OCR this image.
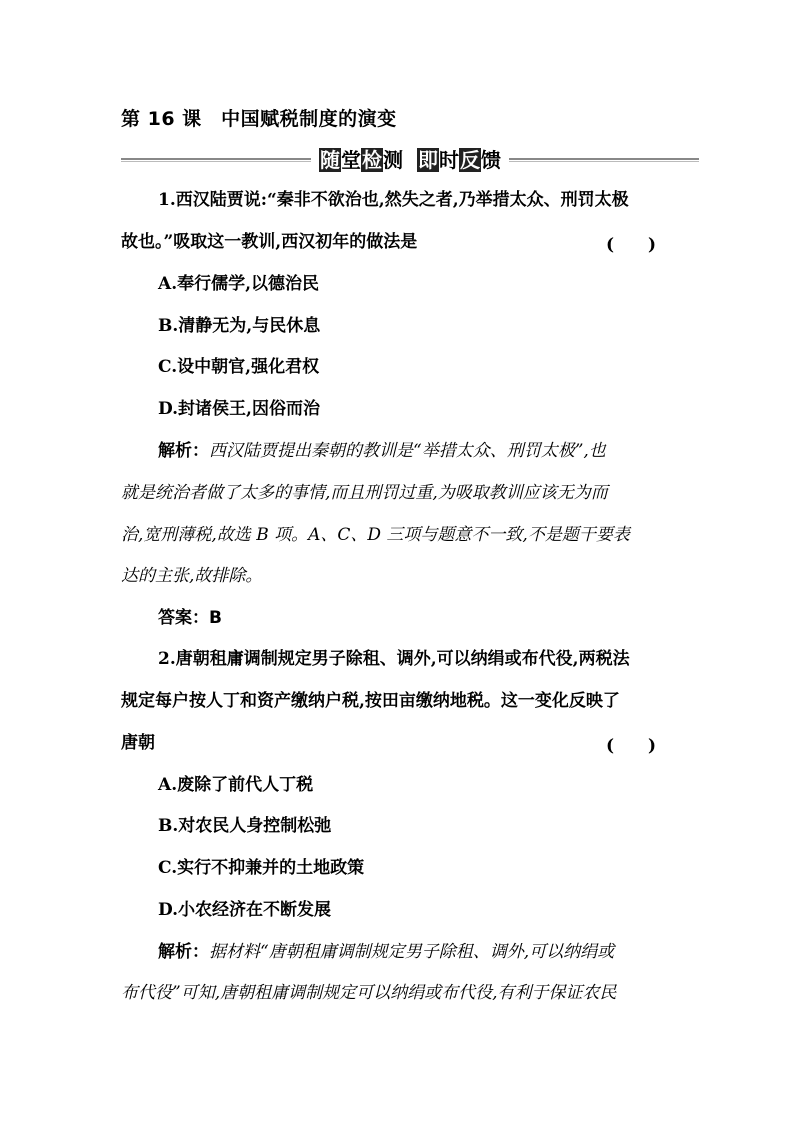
第 16 课　中国赋税制度的演变
随 堂 检 测 即 时 反 馈
1.西汉陆贾说:“秦非不欲治也,然失之者,乃举措太众、刑罚太极
故也。”吸取这一教训,西汉初年的做法是	(　　)
A.奉行儒学,以德治民
B.清静无为,与民休息
C.设中朝官,强化君权
D.封诸侯王,因俗而治
解析：西汉陆贾提出秦朝的教训是“举措太众、刑罚太极”,也
就是统治者做了太多的事情,而且刑罚过重,为吸取教训应该无为而
治,宽刑薄税,故选 B 项。A、C、D 三项与题意不一致,不是题干要表
达的主张,故排除。
答案：B
2.唐朝租庸调制规定男子除租、调外,可以纳绢或布代役,两税法
规定每户按人丁和资产缴纳户税,按田亩缴纳地税。这一变化反映了
唐朝	(　　)
A.废除了前代人丁税
B.对农民人身控制松弛
C.实行不抑兼并的土地政策
D.小农经济在不断发展
解析：据材料“唐朝租庸调制规定男子除租、调外,可以纳绢或
布代役”可知,唐朝租庸调制规定可以纳绢或布代役,有利于保证农民
